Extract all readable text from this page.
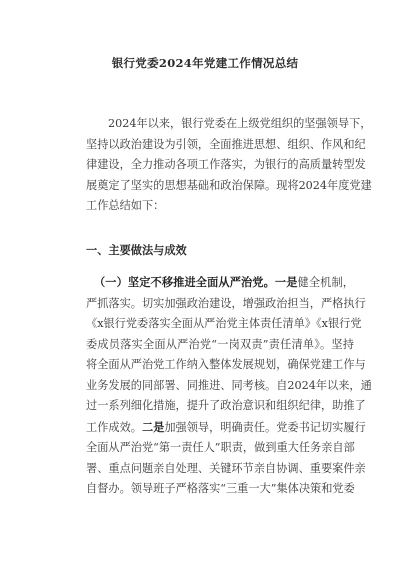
银行党委2024年党建工作情况总结
2024年以来，银行党委在上级党组织的坚强领导下，
坚持以政治建设为引领，全面推进思想、组织、作风和纪
律建设，全力推动各项工作落实，为银行的高质量转型发
展奠定了坚实的思想基础和政治保障。现将2024年度党建
工作总结如下：
一、主要做法与成效
（一）坚定不移推进全面从严治党。一是健全机制，
严抓落实。切实加强政治建设，增强政治担当，严格执行
《x银行党委落实全面从严治党主体责任清单》《x银行党
委成员落实全面从严治党“一岗双责”责任清单》。坚持
将全面从严治党工作纳入整体发展规划，确保党建工作与
业务发展的同部署、同推进、同考核。自2024年以来，通
过一系列细化措施，提升了政治意识和组织纪律，助推了
工作成效。二是加强领导，明确责任。党委书记切实履行
全面从严治党“第一责任人”职责，做到重大任务亲自部
署、重点问题亲自处理、关键环节亲自协调、重要案件亲
自督办。领导班子严格落实“三重一大”集体决策和党委
